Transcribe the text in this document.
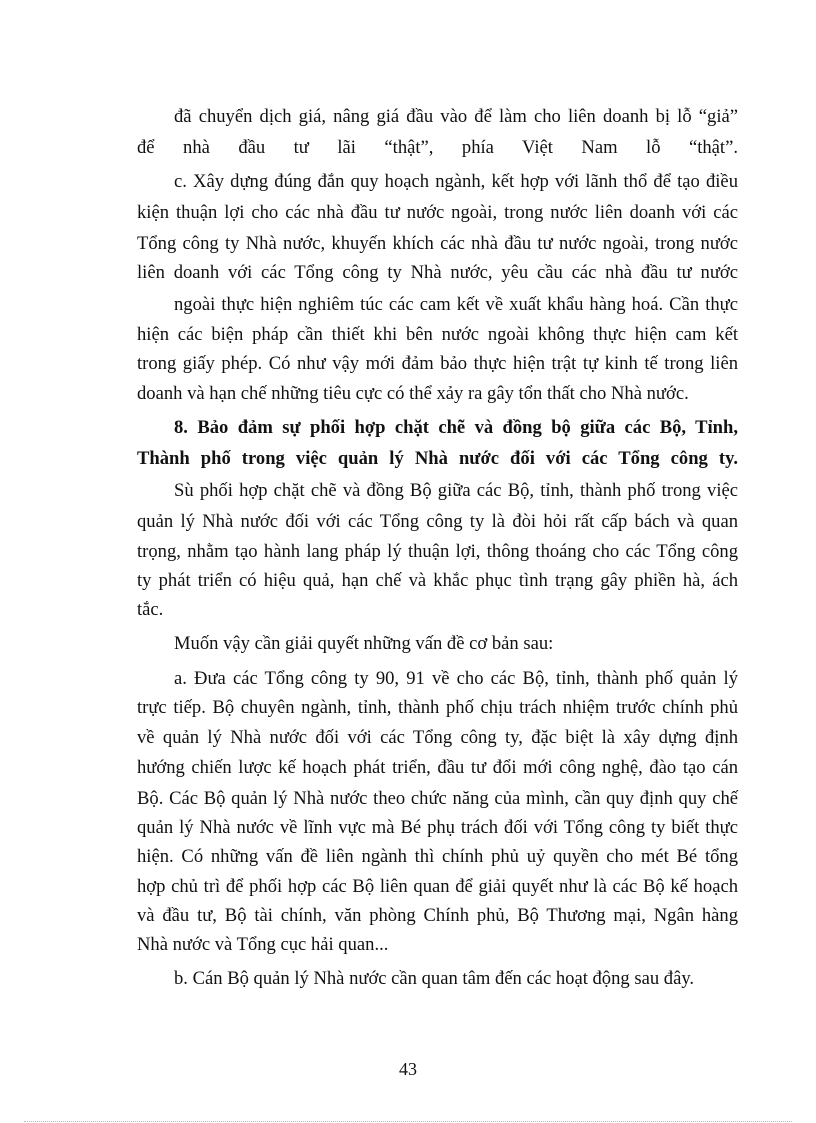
đã chuyển dịch giá, nâng giá đầu vào để làm cho liên doanh bị lỗ “giả”
để nhà đầu tư lãi “thật”, phía Việt Nam lỗ “thật”.
c. Xây dựng đúng đắn quy hoạch ngành, kết hợp với lãnh thổ để tạo điều
kiện thuận lợi cho các nhà đầu tư nước ngoài, trong nước liên doanh với các
Tổng công ty Nhà nước, khuyến khích các nhà đầu tư nước ngoài, trong nước
liên doanh với các Tổng công ty Nhà nước, yêu cầu các nhà đầu tư nước
ngoài thực hiện nghiêm túc các cam kết về xuất khẩu hàng hoá. Cần thực
hiện các biện pháp cần thiết khi bên nước ngoài không thực hiện cam kết
trong giấy phép. Có như vậy mới đảm bảo thực hiện trật tự kinh tế trong liên
doanh và hạn chế những tiêu cực có thể xảy ra gây tổn thất cho Nhà nước.
8. Bảo đảm sự phối hợp chặt chẽ và đồng bộ giữa các Bộ, Tỉnh,
Thành phố trong việc quản lý Nhà nước đối với các Tổng công ty.
Sù phối hợp chặt chẽ và đồng Bộ giữa các Bộ, tỉnh, thành phố trong việc
quản lý Nhà nước đối với các Tổng công ty là đòi hỏi rất cấp bách và quan
trọng, nhằm tạo hành lang pháp lý thuận lợi, thông thoáng cho các Tổng công
ty phát triển có hiệu quả, hạn chế và khắc phục tình trạng gây phiền hà, ách
tắc.
Muốn vậy cần giải quyết những vấn đề cơ bản sau:
a. Đưa các Tổng công ty 90, 91 về cho các Bộ, tỉnh, thành phố quản lý
trực tiếp. Bộ chuyên ngành, tỉnh, thành phố chịu trách nhiệm trước chính phủ
về quản lý Nhà nước đối với các Tổng công ty, đặc biệt là xây dựng định
hướng chiến lược kế hoạch phát triển, đầu tư đổi mới công nghệ, đào tạo cán
Bộ. Các Bộ quản lý Nhà nước theo chức năng của mình, cần quy định quy chế
quản lý Nhà nước về lĩnh vực mà Bé phụ trách đối với Tổng công ty biết thực
hiện. Có những vấn đề liên ngành thì chính phủ uỷ quyền cho mét Bé tổng
hợp chủ trì để phối hợp các Bộ liên quan để giải quyết như là các Bộ kế hoạch
và đầu tư, Bộ tài chính, văn phòng Chính phủ, Bộ Thương mại, Ngân hàng
Nhà nước và Tổng cục hải quan...
b. Cán Bộ quản lý Nhà nước cần quan tâm đến các hoạt động sau đây.
43
